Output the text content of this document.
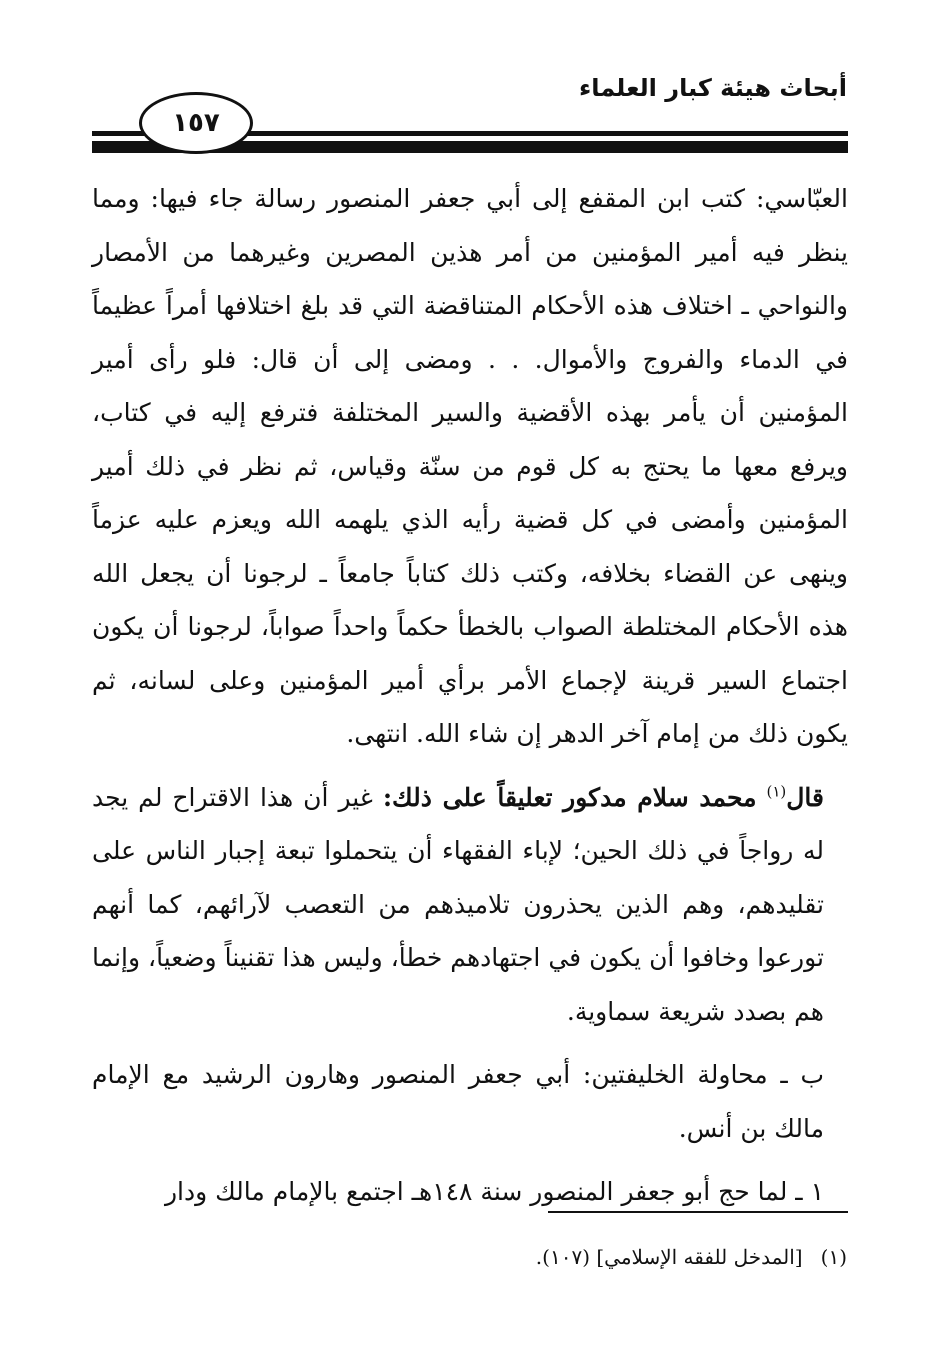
أبحاث هيئة كبار العلماء
١٥٧

العبّاسي: كتب ابن المقفع إلى أبي جعفر المنصور رسالة جاء فيها: ومما ينظر فيه أمير المؤمنين من أمر هذين المصرين وغيرهما من الأمصار والنواحي ـ اختلاف هذه الأحكام المتناقضة التي قد بلغ اختلافها أمراً عظيماً في الدماء والفروج والأموال. . . ومضى إلى أن قال: فلو رأى أمير المؤمنين أن يأمر بهذه الأقضية والسير المختلفة فترفع إليه في كتاب، ويرفع معها ما يحتج به كل قوم من سنّة وقياس، ثم نظر في ذلك أمير المؤمنين وأمضى في كل قضية رأيه الذي يلهمه الله ويعزم عليه عزماً وينهى عن القضاء بخلافه، وكتب ذلك كتاباً جامعاً ـ لرجونا أن يجعل الله هذه الأحكام المختلطة الصواب بالخطأ حكماً واحداً صواباً، لرجونا أن يكون اجتماع السير قرينة لإجماع الأمر برأي أمير المؤمنين وعلى لسانه، ثم يكون ذلك من إمام آخر الدهر إن شاء الله. انتهى.

قال$^{(١)}$ محمد سلام مدكور تعليقاً على ذلك: غير أن هذا الاقتراح لم يجد له رواجاً في ذلك الحين؛ لإباء الفقهاء أن يتحملوا تبعة إجبار الناس على تقليدهم، وهم الذين يحذرون تلاميذهم من التعصب لآرائهم، كما أنهم تورعوا وخافوا أن يكون في اجتهادهم خطأ، وليس هذا تقنيناً وضعياً، وإنما هم بصدد شريعة سماوية.

ب ـ محاولة الخليفتين: أبي جعفر المنصور وهارون الرشيد مع الإمام مالك بن أنس.

١ ـ لما حج أبو جعفر المنصور سنة ١٤٨هـ اجتمع بالإمام مالك ودار

(١)[المدخل للفقه الإسلامي] (١٠٧).
